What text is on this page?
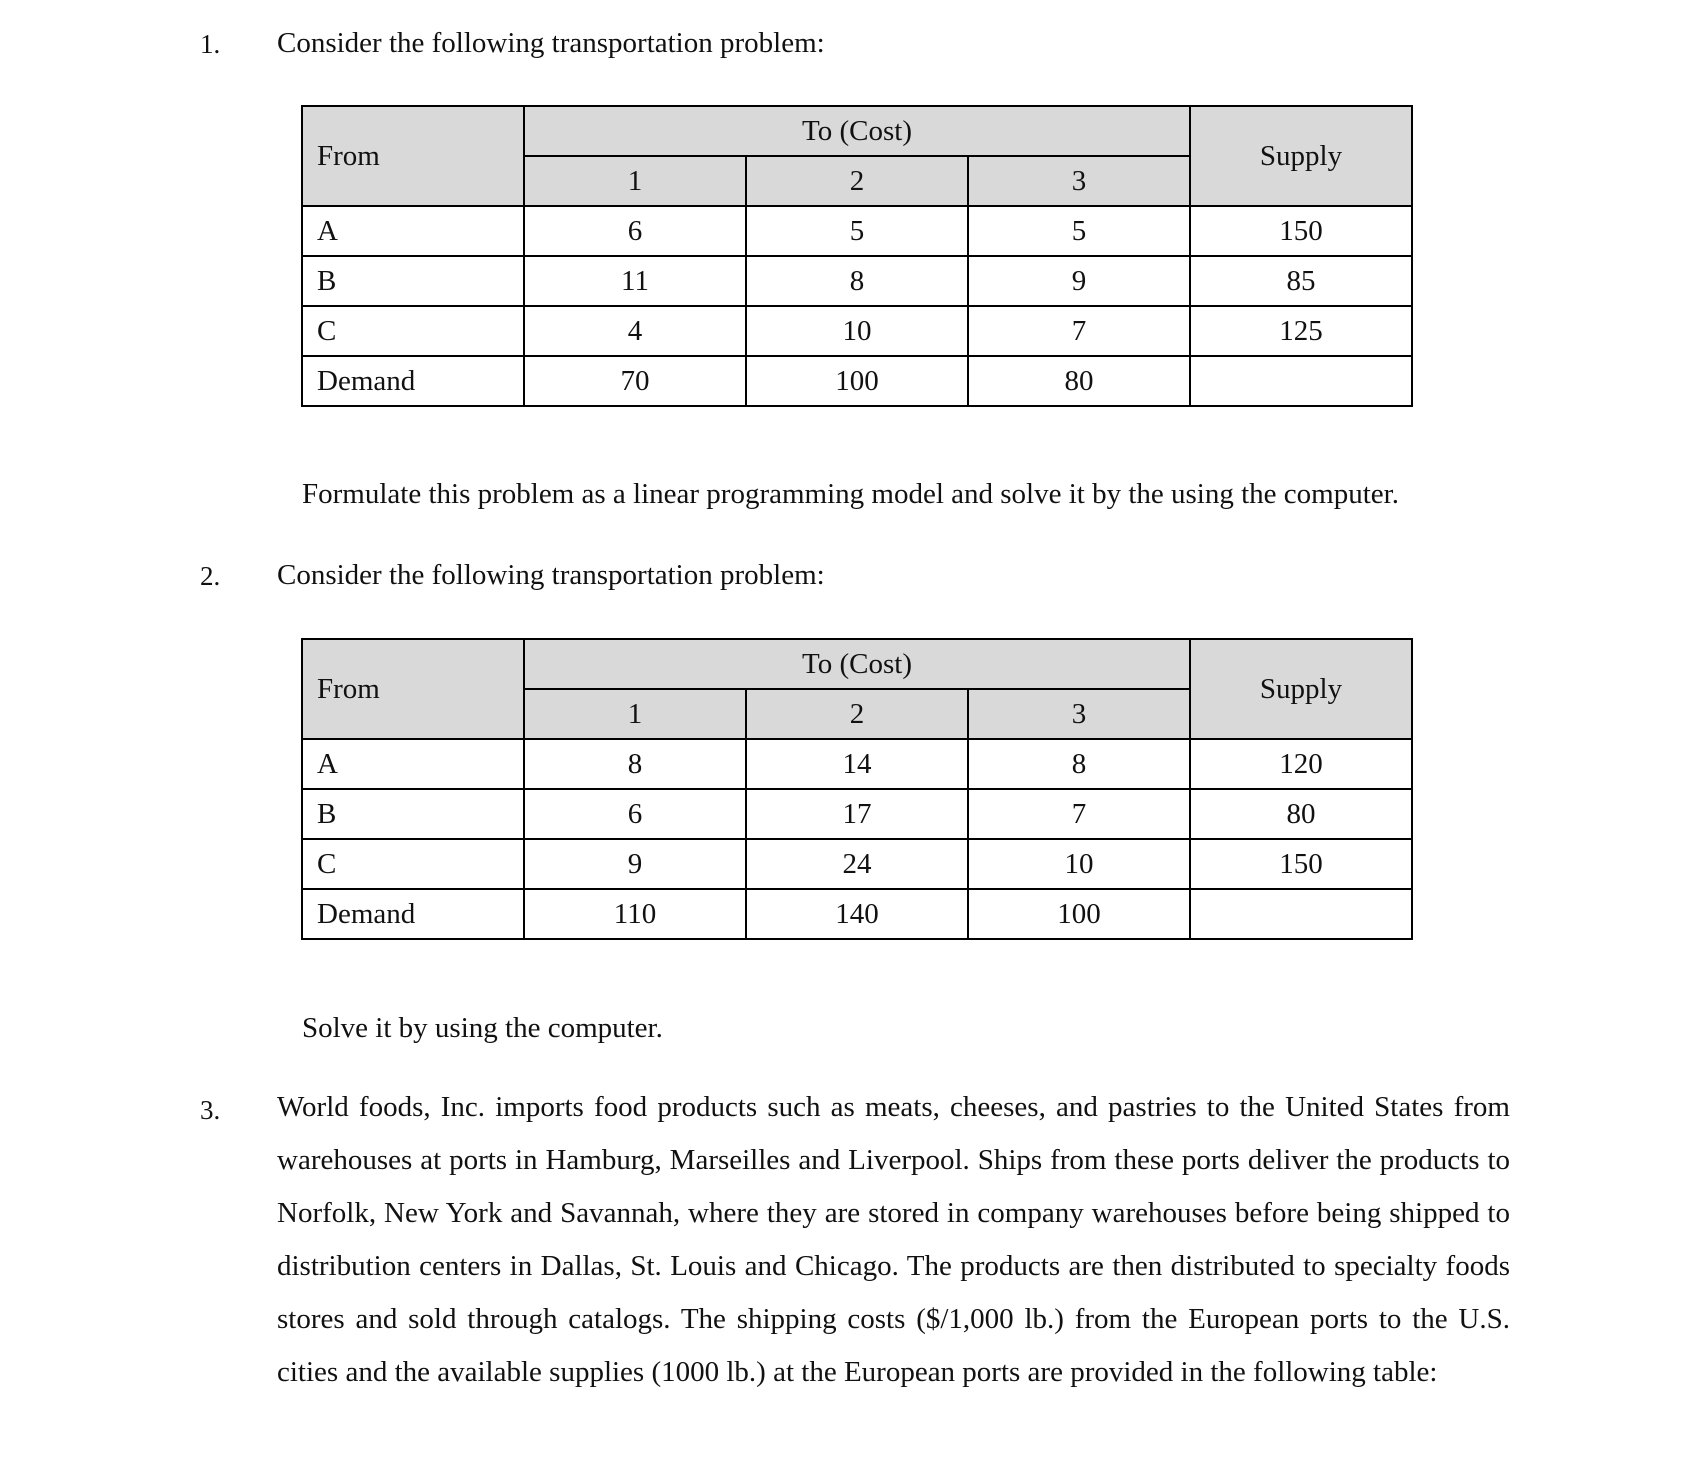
1. Consider the following transportation problem:
From	To (Cost)			Supply
	1	2	3	
A	6	5	5	150
B	11	8	9	85
C	4	10	7	125
Demand	70	100	80	
Formulate this problem as a linear programming model and solve it by the using the computer.
2. Consider the following transportation problem:
From	To (Cost)			Supply
	1	2	3	
A	8	14	8	120
B	6	17	7	80
C	9	24	10	150
Demand	110	140	100	
Solve it by using the computer.
3. World foods, Inc. imports food products such as meats, cheeses, and pastries to the United States from warehouses at ports in Hamburg, Marseilles and Liverpool. Ships from these ports deliver the products to Norfolk, New York and Savannah, where they are stored in company warehouses before being shipped to distribution centers in Dallas, St. Louis and Chicago. The products are then distributed to specialty foods stores and sold through catalogs. The shipping costs ($/1,000 lb.) from the European ports to the U.S. cities and the available supplies (1000 lb.) at the European ports are provided in the following table:
